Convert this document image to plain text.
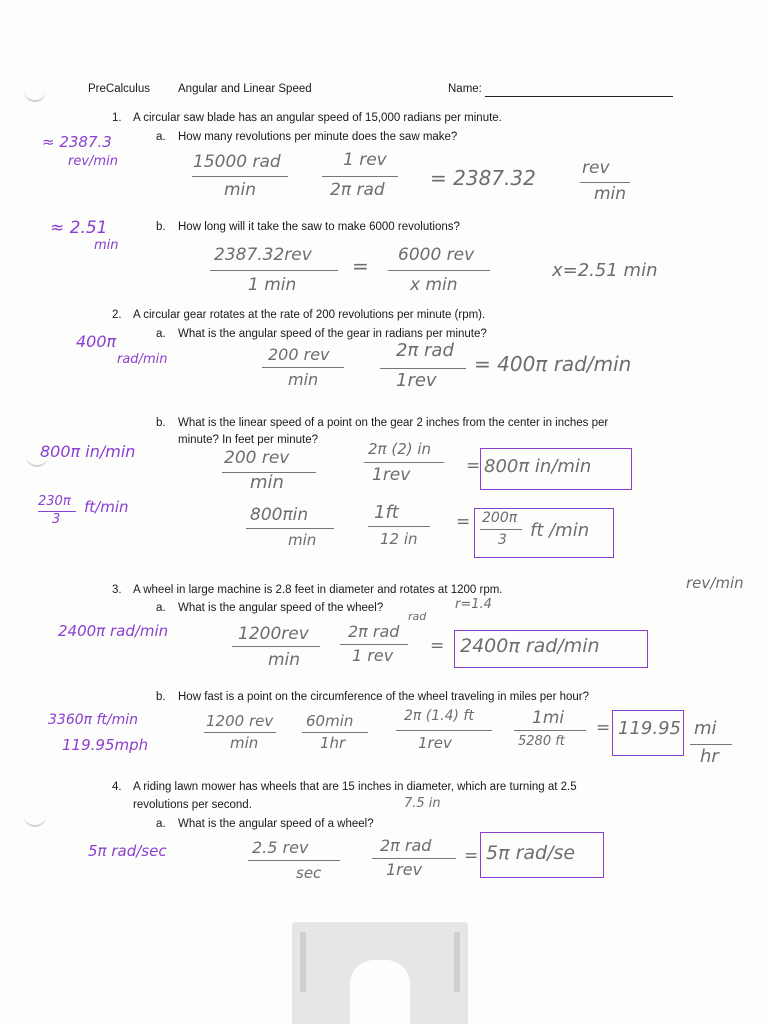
PreCalculus Angular and Linear Speed	Name:
1. A circular saw blade has an angular speed of 15,000 radians per minute.
a. How many revolutions per minute does the saw make?
≈ 2387.3
rev/min	15000 rad
min
1 rev
2π rad = 2387.32	rev
min
b. How long will it take the saw to make 6000 revolutions?
≈ 2.51
min	2387.32rev
1 min
= 6000 rev
x min
x=2.51 min
2. A circular gear rotates at the rate of 200 revolutions per minute (rpm).
a. What is the angular speed of the gear in radians per minute?
400π
rad/min	200 rev
min
2π rad
1rev
= 400π rad/min
b. What is the linear speed of a point on the gear 2 inches from the center in inches per
minute? In feet per minute?
800π in/min
230π
3
ft/min
200 rev
min
2π (2) in
1rev	= 800π in/min
800πin
min
1ft
12 in
= 200π
3 ft /min
3. A wheel in large machine is 2.8 feet in diameter and rotates at 1200 rpm.	rev/min
r=1.4
a. What is the angular speed of the wheel?
rad
2400π rad/min	1200rev
min
2π rad
1 rev = 2400π rad/min
b. How fast is a point on the circumference of the wheel traveling in miles per hour?
3360π ft/min
119.95mph
1200 rev
min
60min
1hr
2π (1.4) ft
1rev
1mi
5280 ft
= 119.95 mi
hr
4. A riding lawn mower has wheels that are 15 inches in diameter, which are turning at 2.5
revolutions per second.	7.5 in
a. What is the angular speed of a wheel?
5π rad/sec	2.5 rev
sec
2π rad
1rev
= 5π rad/se
